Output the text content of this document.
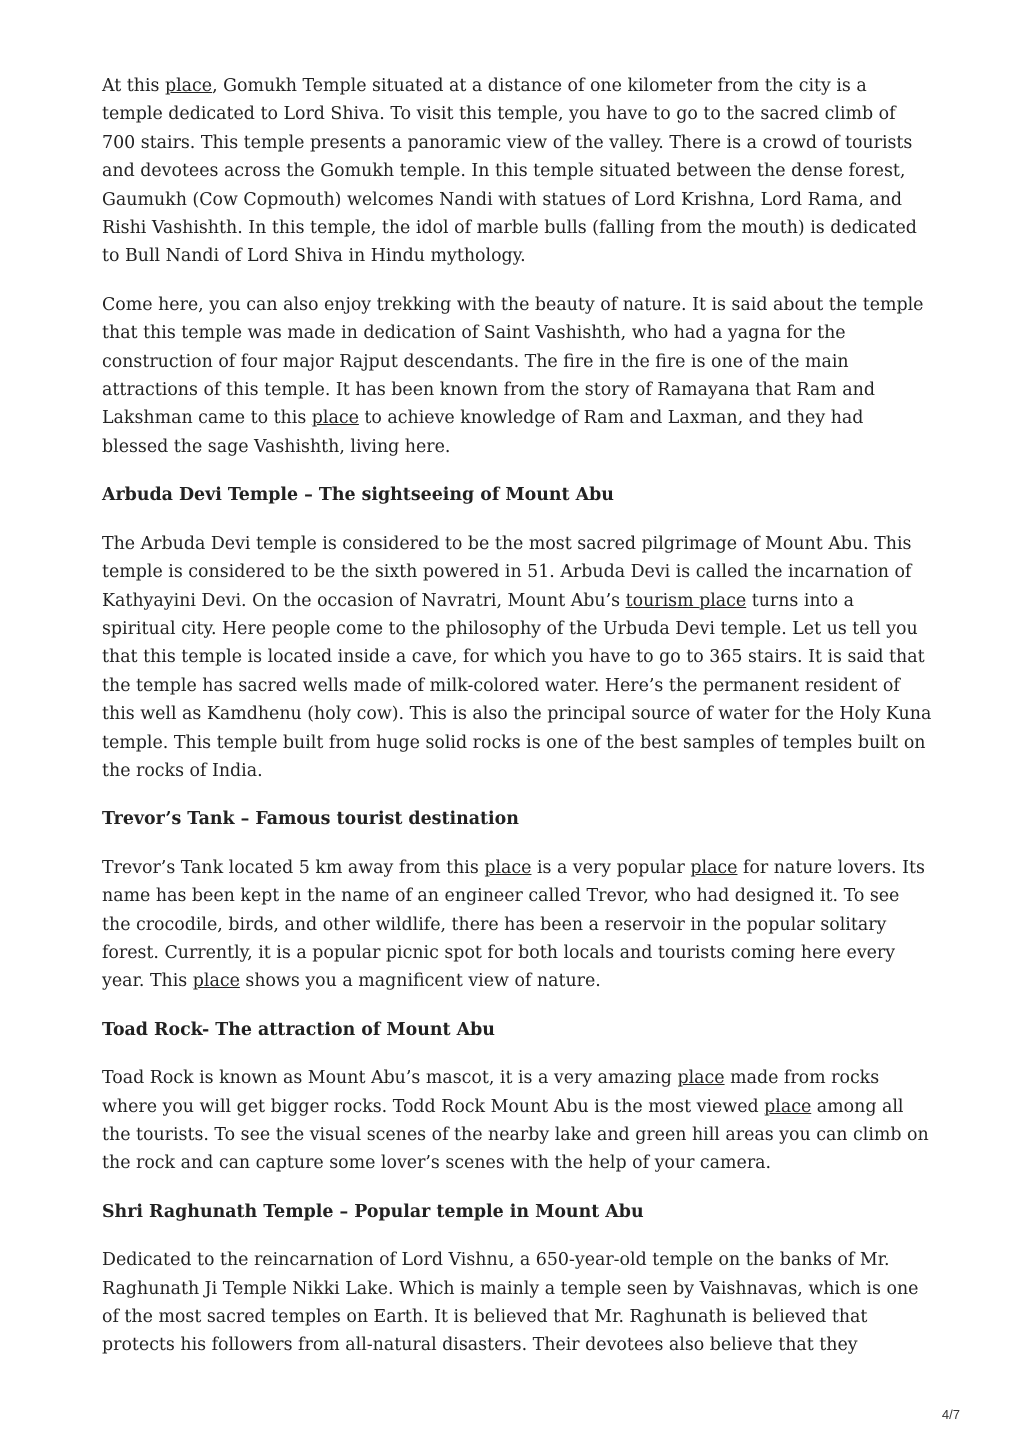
At this place, Gomukh Temple situated at a distance of one kilometer from the city is a temple dedicated to Lord Shiva. To visit this temple, you have to go to the sacred climb of 700 stairs. This temple presents a panoramic view of the valley. There is a crowd of tourists and devotees across the Gomukh temple. In this temple situated between the dense forest, Gaumukh (Cow Copmouth) welcomes Nandi with statues of Lord Krishna, Lord Rama, and Rishi Vashishth. In this temple, the idol of marble bulls (falling from the mouth) is dedicated to Bull Nandi of Lord Shiva in Hindu mythology.

Come here, you can also enjoy trekking with the beauty of nature. It is said about the temple that this temple was made in dedication of Saint Vashishth, who had a yagna for the construction of four major Rajput descendants. The fire in the fire is one of the main attractions of this temple. It has been known from the story of Ramayana that Ram and Lakshman came to this place to achieve knowledge of Ram and Laxman, and they had blessed the sage Vashishth, living here.

Arbuda Devi Temple – The sightseeing of Mount Abu

The Arbuda Devi temple is considered to be the most sacred pilgrimage of Mount Abu. This temple is considered to be the sixth powered in 51. Arbuda Devi is called the incarnation of Kathyayini Devi. On the occasion of Navratri, Mount Abu’s tourism place turns into a spiritual city. Here people come to the philosophy of the Urbuda Devi temple. Let us tell you that this temple is located inside a cave, for which you have to go to 365 stairs. It is said that the temple has sacred wells made of milk-colored water. Here’s the permanent resident of this well as Kamdhenu (holy cow). This is also the principal source of water for the Holy Kuna temple. This temple built from huge solid rocks is one of the best samples of temples built on the rocks of India.

Trevor’s Tank – Famous tourist destination

Trevor’s Tank located 5 km away from this place is a very popular place for nature lovers. Its name has been kept in the name of an engineer called Trevor, who had designed it. To see the crocodile, birds, and other wildlife, there has been a reservoir in the popular solitary forest. Currently, it is a popular picnic spot for both locals and tourists coming here every year. This place shows you a magnificent view of nature.

Toad Rock- The attraction of Mount Abu

Toad Rock is known as Mount Abu’s mascot, it is a very amazing place made from rocks where you will get bigger rocks. Todd Rock Mount Abu is the most viewed place among all the tourists. To see the visual scenes of the nearby lake and green hill areas you can climb on the rock and can capture some lover’s scenes with the help of your camera.

Shri Raghunath Temple – Popular temple in Mount Abu

Dedicated to the reincarnation of Lord Vishnu, a 650-year-old temple on the banks of Mr. Raghunath Ji Temple Nikki Lake. Which is mainly a temple seen by Vaishnavas, which is one of the most sacred temples on Earth. It is believed that Mr. Raghunath is believed that protects his followers from all-natural disasters. Their devotees also believe that they

4/7
